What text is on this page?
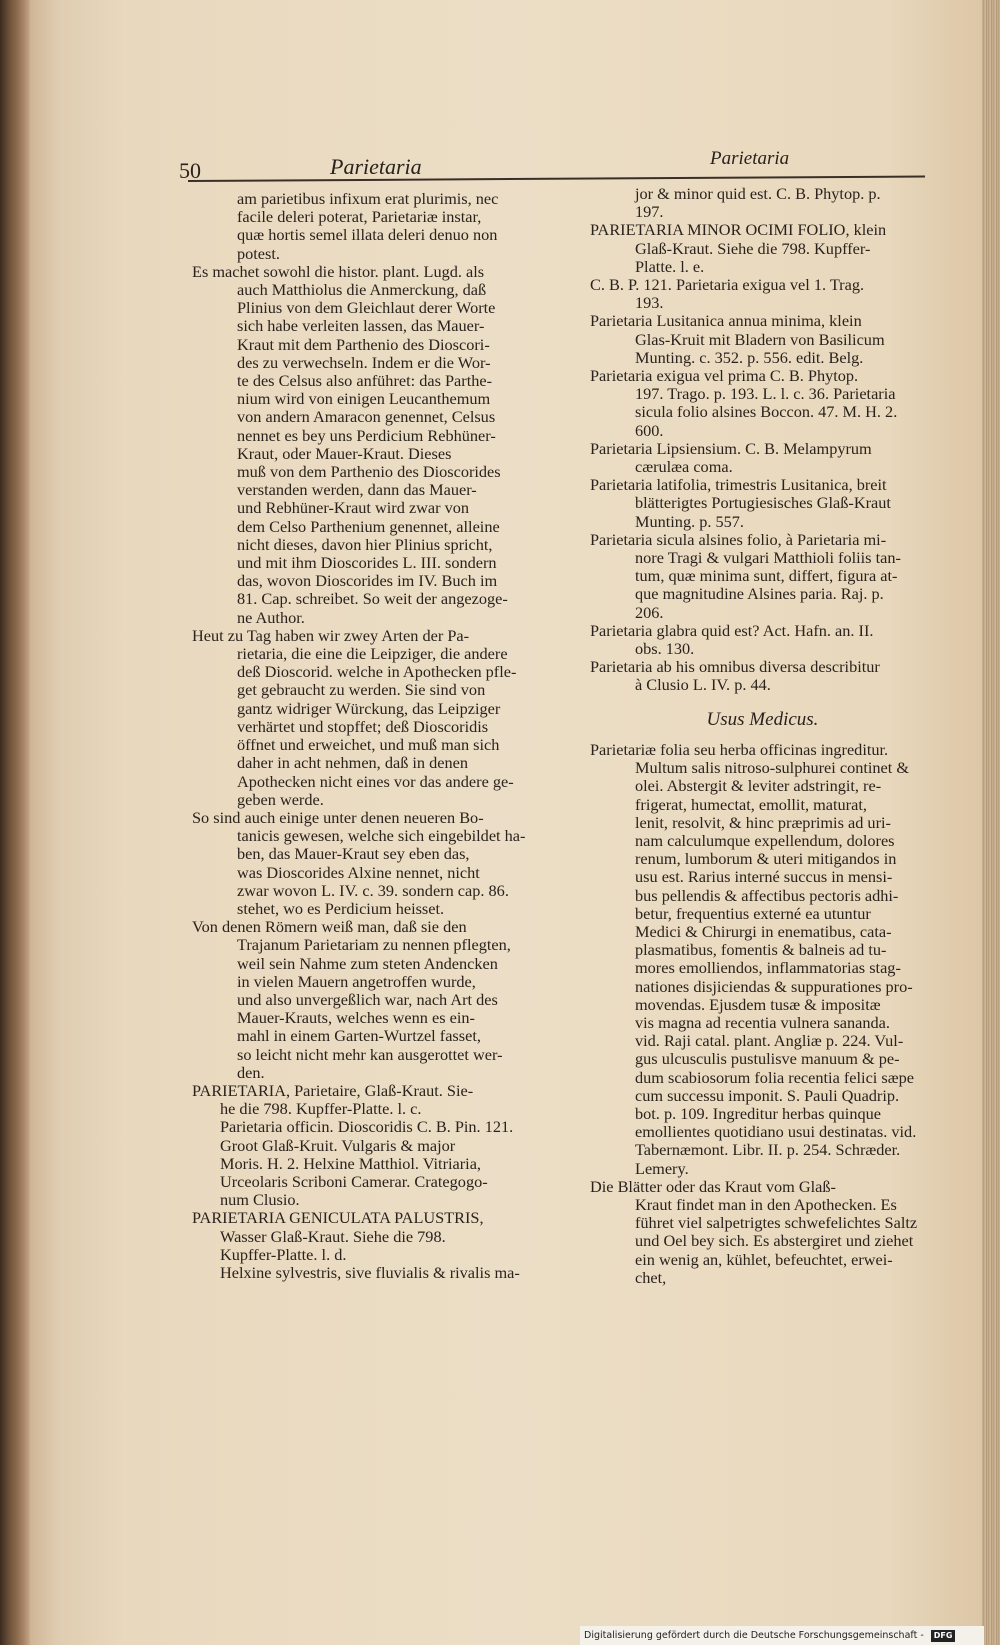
50	Parietaria	Parietaria
am parietibus infixum erat plurimis, nec
facile deleri poterat, Parietariæ instar,
quæ hortis semel illata deleri denuo non
potest.
Es machet sowohl die histor. plant. Lugd. als
auch Matthiolus die Anmerckung, daß
Plinius von dem Gleichlaut derer Worte
sich habe verleiten lassen, das Mauer-
Kraut mit dem Parthenio des Dioscori-
des zu verwechseln. Indem er die Wor-
te des Celsus also anführet: das Parthe-
nium wird von einigen Leucanthemum
von andern Amaracon genennet, Celsus
nennet es bey uns Perdicium Rebhüner-
Kraut, oder Mauer-Kraut. Dieses
muß von dem Parthenio des Dioscorides
verstanden werden, dann das Mauer-
und Rebhüner-Kraut wird zwar von
dem Celso Parthenium genennet, alleine
nicht dieses, davon hier Plinius spricht,
und mit ihm Dioscorides L. III. sondern
das, wovon Dioscorides im IV. Buch im
81. Cap. schreibet. So weit der angezoge-
ne Author.
Heut zu Tag haben wir zwey Arten der Pa-
rietaria, die eine die Leipziger, die andere
deß Dioscorid. welche in Apothecken pfle-
get gebraucht zu werden. Sie sind von
gantz widriger Würckung, das Leipziger
verhärtet und stopffet; deß Dioscoridis
öffnet und erweichet, und muß man sich
daher in acht nehmen, daß in denen
Apothecken nicht eines vor das andere ge-
geben werde.
So sind auch einige unter denen neueren Bo-
tanicis gewesen, welche sich eingebildet ha-
ben, das Mauer-Kraut sey eben das,
was Dioscorides Alxine nennet, nicht
zwar wovon L. IV. c. 39. sondern cap. 86.
stehet, wo es Perdicium heisset.
Von denen Römern weiß man, daß sie den
Trajanum Parietariam zu nennen pflegten,
weil sein Nahme zum steten Andencken
in vielen Mauern angetroffen wurde,
und also unvergeßlich war, nach Art des
Mauer-Krauts, welches wenn es ein-
mahl in einem Garten-Wurtzel fasset,
so leicht nicht mehr kan ausgerottet wer-
den.
PARIETARIA, Parietaire, Glaß-Kraut. Sie-
he die 798. Kupffer-Platte. l. c.
Parietaria officin. Dioscoridis C. B. Pin. 121.
Groot Glaß-Kruit. Vulgaris & major
Moris. H. 2. Helxine Matthiol. Vitriaria,
Urceolaris Scriboni Camerar. Crategogo-
num Clusio.
PARIETARIA GENICULATA PALUSTRIS,
Wasser Glaß-Kraut. Siehe die 798.
Kupffer-Platte. l. d.
Helxine sylvestris, sive fluvialis & rivalis ma-
jor & minor quid est. C. B. Phytop. p.
197.
PARIETARIA MINOR OCIMI FOLIO, klein
Glaß-Kraut. Siehe die 798. Kupffer-
Platte. l. e.
C. B. P. 121. Parietaria exigua vel 1. Trag.
193.
Parietaria Lusitanica annua minima, klein
Glas-Kruit mit Bladern von Basilicum
Munting. c. 352. p. 556. edit. Belg.
Parietaria exigua vel prima C. B. Phytop.
197. Trago. p. 193. L. l. c. 36. Parietaria
sicula folio alsines Boccon. 47. M. H. 2.
600.
Parietaria Lipsiensium. C. B. Melampyrum
cærulæa coma.
Parietaria latifolia, trimestris Lusitanica, breit
blätterigtes Portugiesisches Glaß-Kraut
Munting. p. 557.
Parietaria sicula alsines folio, à Parietaria mi-
nore Tragi & vulgari Matthioli foliis tan-
tum, quæ minima sunt, differt, figura at-
que magnitudine Alsines paria. Raj. p.
206.
Parietaria glabra quid est? Act. Hafn. an. II.
obs. 130.
Parietaria ab his omnibus diversa describitur
à Clusio L. IV. p. 44.
Usus Medicus.
Parietariæ folia seu herba officinas ingreditur.
Multum salis nitroso-sulphurei continet &
olei. Abstergit & leviter adstringit, re-
frigerat, humectat, emollit, maturat,
lenit, resolvit, & hinc præprimis ad uri-
nam calculumque expellendum, dolores
renum, lumborum & uteri mitigandos in
usu est. Rarius interné succus in mensi-
bus pellendis & affectibus pectoris adhi-
betur, frequentius externé ea utuntur
Medici & Chirurgi in enematibus, cata-
plasmatibus, fomentis & balneis ad tu-
mores emolliendos, inflammatorias stag-
nationes disjiciendas & suppurationes pro-
movendas. Ejusdem tusæ & impositæ
vis magna ad recentia vulnera sananda.
vid. Raji catal. plant. Angliæ p. 224. Vul-
gus ulcusculis pustulisve manuum & pe-
dum scabiosorum folia recentia felici sæpe
cum successu imponit. S. Pauli Quadrip.
bot. p. 109. Ingreditur herbas quinque
emollientes quotidiano usui destinatas. vid.
Tabernæmont. Libr. II. p. 254. Schræder.
Lemery.
Die Blätter oder das Kraut vom Glaß-
Kraut findet man in den Apothecken. Es
führet viel salpetrigtes schwefelichtes Saltz
und Oel bey sich. Es abstergiret und ziehet
ein wenig an, kühlet, befeuchtet, erwei-
chet,
Digitalisierung gefördert durch die Deutsche Forschungsgemeinschaft - DFG
